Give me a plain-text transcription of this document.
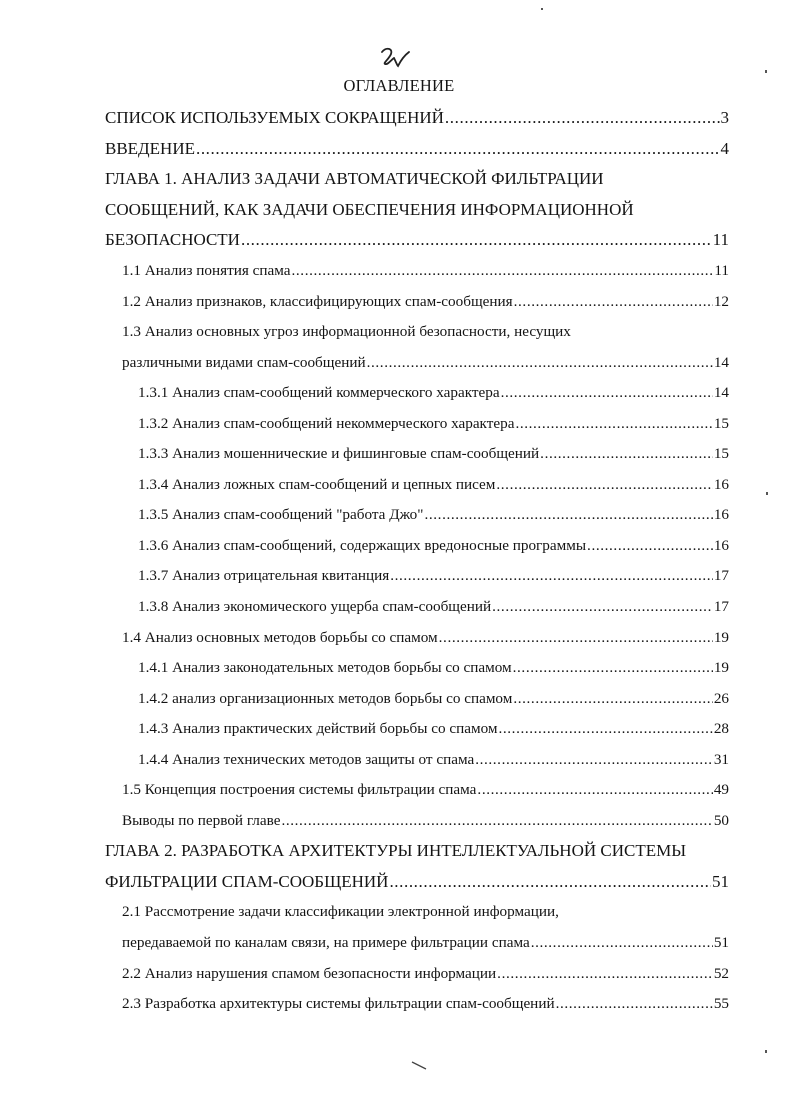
ОГЛАВЛЕНИЕ
СПИСОК ИСПОЛЬЗУЕМЫХ СОКРАЩЕНИЙ .....	3
ВВЕДЕНИЕ .....	4
ГЛАВА 1. АНАЛИЗ ЗАДАЧИ АВТОМАТИЧЕСКОЙ ФИЛЬТРАЦИИ
СООБЩЕНИЙ, КАК ЗАДАЧИ ОБЕСПЕЧЕНИЯ ИНФОРМАЦИОННОЙ
БЕЗОПАСНОСТИ .....	11
1.1 Анализ понятия спама .....	11
1.2 Анализ признаков, классифицирующих спам-сообщения .....	12
1.3 Анализ основных угроз информационной безопасности, несущих
различными видами спам-сообщений .....	14
1.3.1 Анализ спам-сообщений коммерческого характера .....	14
1.3.2 Анализ спам-сообщений некоммерческого характера .....	15
1.3.3 Анализ мошеннические и фишинговые спам-сообщений .....	15
1.3.4 Анализ ложных спам-сообщений и цепных писем .....	16
1.3.5 Анализ спам-сообщений "работа Джо" .....	16
1.3.6 Анализ спам-сообщений, содержащих вредоносные программы .....	16
1.3.7 Анализ отрицательная квитанция .....	17
1.3.8 Анализ экономического ущерба спам-сообщений .....	17
1.4 Анализ основных методов борьбы со спамом .....	19
1.4.1 Анализ законодательных методов борьбы со спамом .....	19
1.4.2 анализ организационных методов борьбы со спамом .....	26
1.4.3 Анализ практических действий борьбы со спамом .....	28
1.4.4 Анализ технических методов защиты от спама .....	31
1.5 Концепция построения системы фильтрации спама .....	49
Выводы по первой главе .....	50
ГЛАВА 2. РАЗРАБОТКА АРХИТЕКТУРЫ ИНТЕЛЛЕКТУАЛЬНОЙ СИСТЕМЫ
ФИЛЬТРАЦИИ СПАМ-СООБЩЕНИЙ .....	51
2.1 Рассмотрение задачи классификации электронной информации,
передаваемой по каналам связи, на примере фильтрации спама .....	51
2.2 Анализ нарушения спамом безопасности информации .....	52
2.3 Разработка архитектуры системы фильтрации спам-сообщений .....	55
